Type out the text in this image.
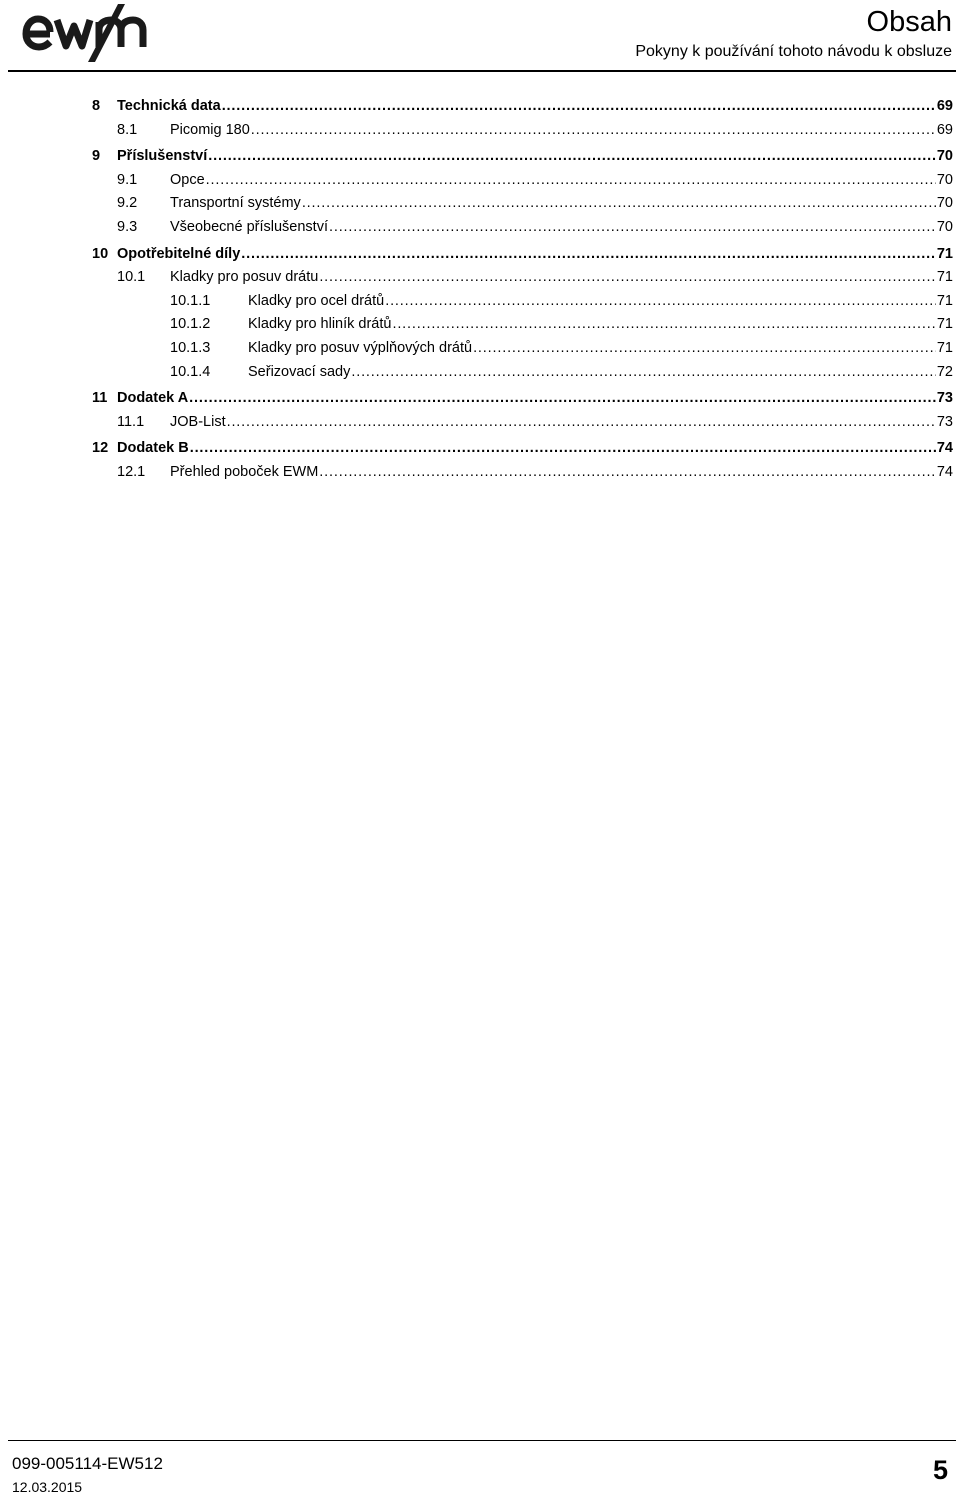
Obsah
Pokyny k používání tohoto návodu k obsluze
8	Technická data . . .	69
8.1	Picomig 180 . . .	69
9	Příslušenství . . .	70
9.1	Opce . . .	70
9.2	Transportní systémy . . .	70
9.3	Všeobecné příslušenství . . .	70
10 Opotřebitelné díly . . .	71
10.1	Kladky pro posuv drátu . . .	71
10.1.1	Kladky pro ocel drátů . . .	71
10.1.2	Kladky pro hliník drátů . . .	71
10.1.3	Kladky pro posuv výplňových drátů . . .	71
10.1.4	Seřizovací sady . . .	72
11 Dodatek A . . .	73
11.1	JOB-List . . .	73
12 Dodatek B . . .	74
12.1	Přehled poboček EWM . . .	74
099-005114-EW512
12.03.2015
5
